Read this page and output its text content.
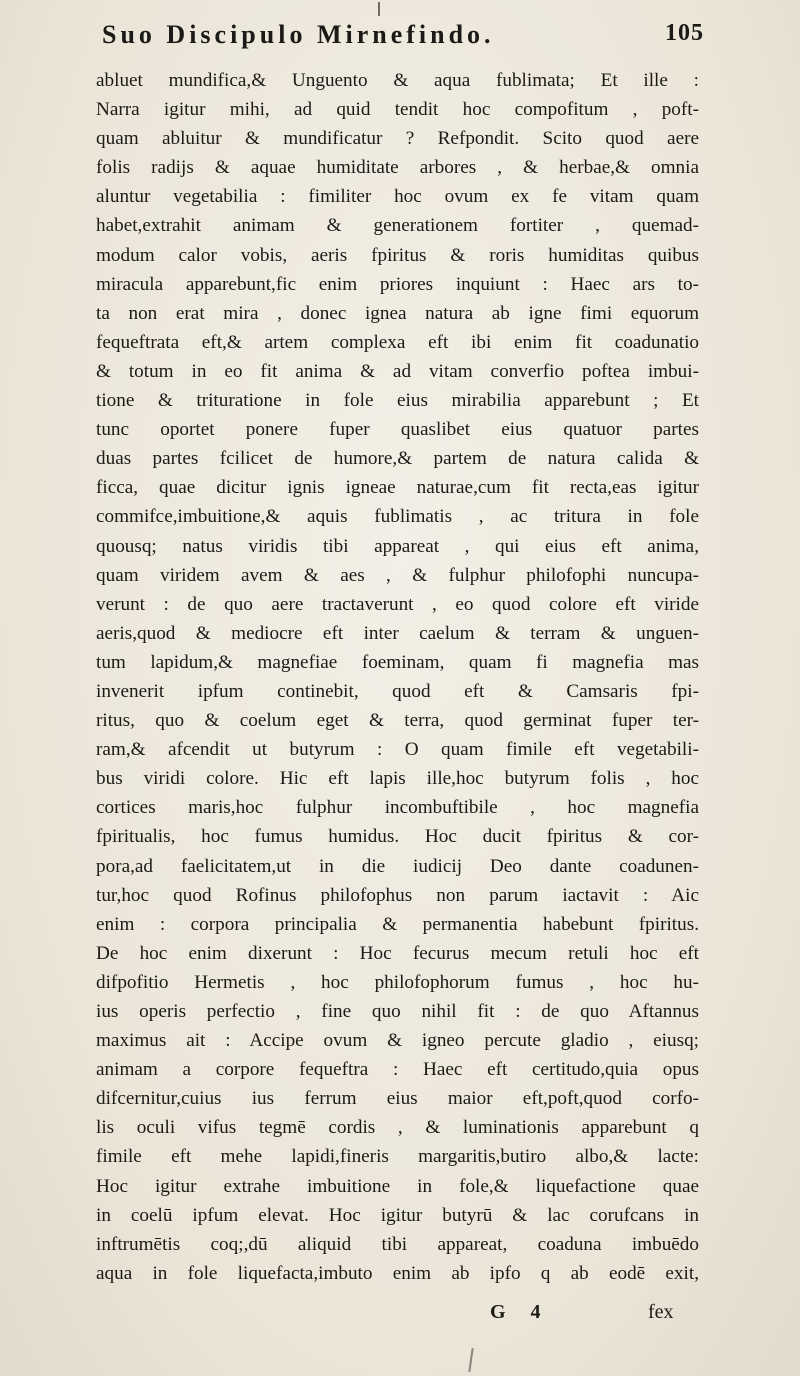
Suo Discipulo Mirnefindo.	105
abluet mundifica,& Unguento & aqua fublimata; Et ille :
Narra igitur mihi, ad quid tendit hoc compofitum , poft-
quam abluitur & mundificatur ? Refpondit. Scito quod aere
folis radijs & aquae humiditate arbores , & herbae,& omnia
aluntur vegetabilia : fimiliter hoc ovum ex fe vitam quam
habet,extrahit animam & generationem fortiter , quemad-
modum calor vobis, aeris fpiritus & roris humiditas quibus
miracula apparebunt,fic enim priores inquiunt : Haec ars to-
ta non erat mira , donec ignea natura ab igne fimi equorum
fequeftrata eft,& artem complexa eft ibi enim fit coadunatio
& totum in eo fit anima & ad vitam converfio poftea imbui-
tione & trituratione in fole eius mirabilia apparebunt ; Et
tunc oportet ponere fuper quaslibet eius quatuor partes
duas partes fcilicet de humore,& partem de natura calida &
ficca, quae dicitur ignis igneae naturae,cum fit recta,eas igitur
commifce,imbuitione,& aquis fublimatis , ac tritura in fole
quousq; natus viridis tibi appareat , qui eius eft anima,
quam viridem avem & aes , & fulphur philofophi nuncupa-
verunt : de quo aere tractaverunt , eo quod colore eft viride
aeris,quod & mediocre eft inter caelum & terram & unguen-
tum lapidum,& magnefiae foeminam, quam fi magnefia mas
invenerit ipfum continebit, quod eft & Camsaris fpi-
ritus, quo & coelum eget & terra, quod germinat fuper ter-
ram,& afcendit ut butyrum : O quam fimile eft vegetabili-
bus viridi colore. Hic eft lapis ille,hoc butyrum folis , hoc
cortices maris,hoc fulphur incombuftibile , hoc magnefia
fpiritualis, hoc fumus humidus. Hoc ducit fpiritus & cor-
pora,ad faelicitatem,ut in die iudicij Deo dante coadunen-
tur,hoc quod Rofinus philofophus non parum iactavit : Aic
enim : corpora principalia & permanentia habebunt fpiritus.
De hoc enim dixerunt : Hoc fecurus mecum retuli hoc eft
difpofitio Hermetis , hoc philofophorum fumus , hoc hu-
ius operis perfectio , fine quo nihil fit : de quo Aftannus
maximus ait : Accipe ovum & igneo percute gladio , eiusq;
animam a corpore fequeftra : Haec eft certitudo,quia opus
difcernitur,cuius ius ferrum eius maior eft,poft,quod corfo-
lis oculi vifus tegmē cordis , & luminationis apparebunt q
fimile eft mehe lapidi,fineris margaritis,butiro albo,& lacte:
Hoc igitur extrahe imbuitione in fole,& liquefactione quae
in coelū ipfum elevat. Hoc igitur butyrū & lac corufcans in
inftrumētis coq;,dū aliquid tibi appareat, coaduna imbuēdo
aqua in fole liquefacta,imbuto enim ab ipfo q ab eodē exit,
G 4	fex
